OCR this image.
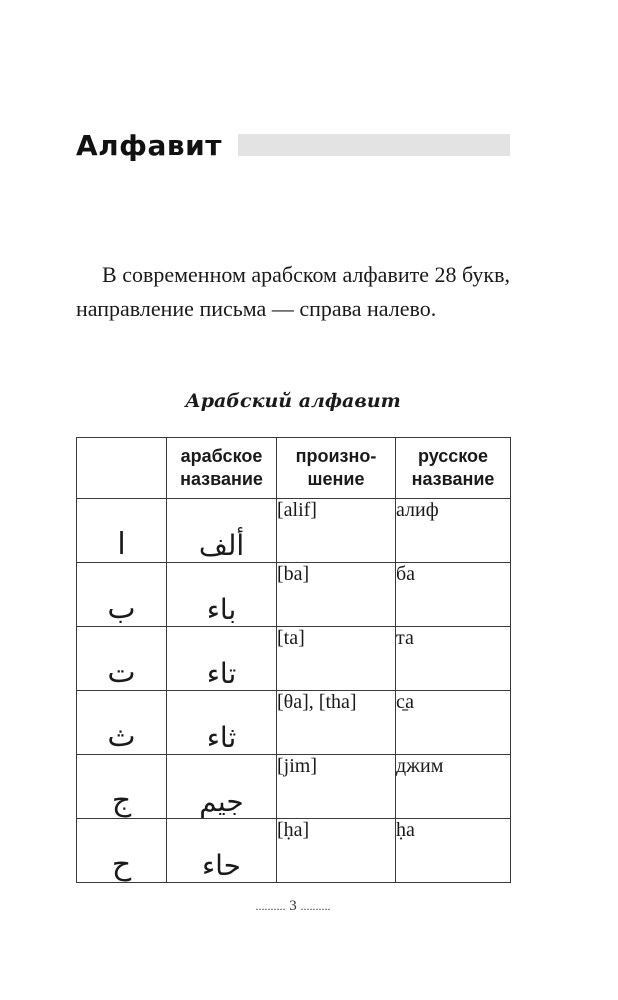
Алфавит

В современном арабском алфавите 28 букв, направление письма — справа налево.

Арабский алфавит
	арабское название	произно-шение	русское название
ا	ألف	[alif]	алиф
ب	باء	[ba]	ба
ت	تاء	[ta]	та
ث	ثاء	[θa], [tha]	с̱а
ج	جيم	[jim]	джим
ح	حاء	[ḥa]	ḥа
.......... 3 ..........
